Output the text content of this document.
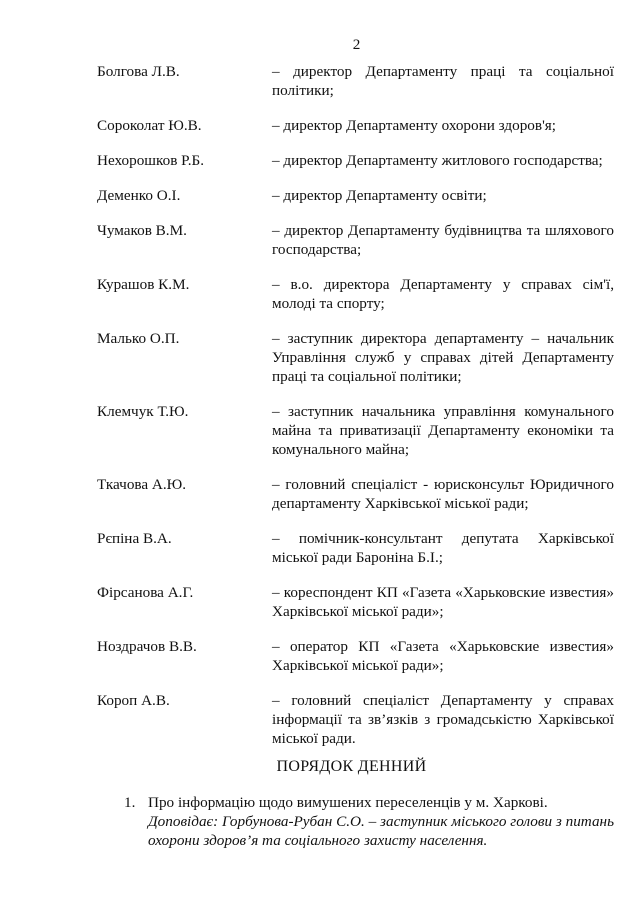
2
Болгова Л.В.	– директор Департаменту праці та соціальної політики;
Сороколат Ю.В.	– директор Департаменту охорони здоров'я;
Нехорошков Р.Б.	– директор Департаменту житлового господарства;
Деменко О.І.	– директор Департаменту освіти;
Чумаков В.М.	– директор Департаменту будівництва та шляхового господарства;
Курашов К.М.	– в.о. директора Департаменту у справах сім'ї, молоді та спорту;
Малько О.П.	– заступник директора департаменту – начальник Управління служб у справах дітей Департаменту праці та соціальної політики;
Клемчук Т.Ю.	– заступник начальника управління комунального майна та приватизації Департаменту економіки та комунального майна;
Ткачова А.Ю.	– головний спеціаліст - юрисконсульт Юридичного департаменту Харківської міської ради;
Рєпіна В.А.	– помічник-консультант депутата Харківської міської ради Бароніна Б.І.;
Фірсанова А.Г.	– кореспондент КП «Газета «Харьковские известия» Харківської міської ради»;
Ноздрачов В.В.	– оператор КП «Газета «Харьковские известия» Харківської міської ради»;
Короп А.В.	– головний спеціаліст Департаменту у справах інформації та зв’язків з громадськістю Харківської міської ради.
ПОРЯДОК ДЕННИЙ
1. Про інформацію щодо вимушених переселенців у м. Харкові.
Доповідає: Горбунова-Рубан С.О. – заступник міського голови з питань охорони здоров’я та соціального захисту населення.
